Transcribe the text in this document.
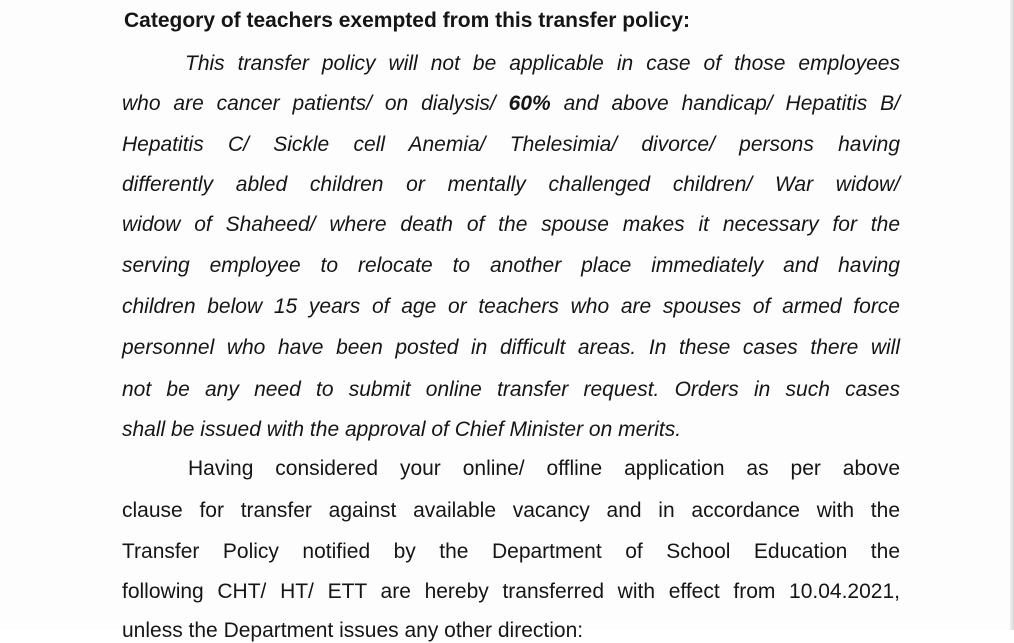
Category of teachers exempted from this transfer policy:
This transfer policy will not be applicable in case of those employees
who are cancer patients/ on dialysis/ 60% and above handicap/ Hepatitis B/
Hepatitis C/ Sickle cell Anemia/ Thelesimia/ divorce/ persons having
differently abled children or mentally challenged children/ War widow/
widow of Shaheed/ where death of the spouse makes it necessary for the
serving employee to relocate to another place immediately and having
children below 15 years of age or teachers who are spouses of armed force
personnel who have been posted in difficult areas. In these cases there will
not be any need to submit online transfer request. Orders in such cases
shall be issued with the approval of Chief Minister on merits.
Having considered your online/ offline application as per above
clause for transfer against available vacancy and in accordance with the
Transfer Policy notified by the Department of School Education the
following CHT/ HT/ ETT are hereby transferred with effect from 10.04.2021,
unless the Department issues any other direction:
